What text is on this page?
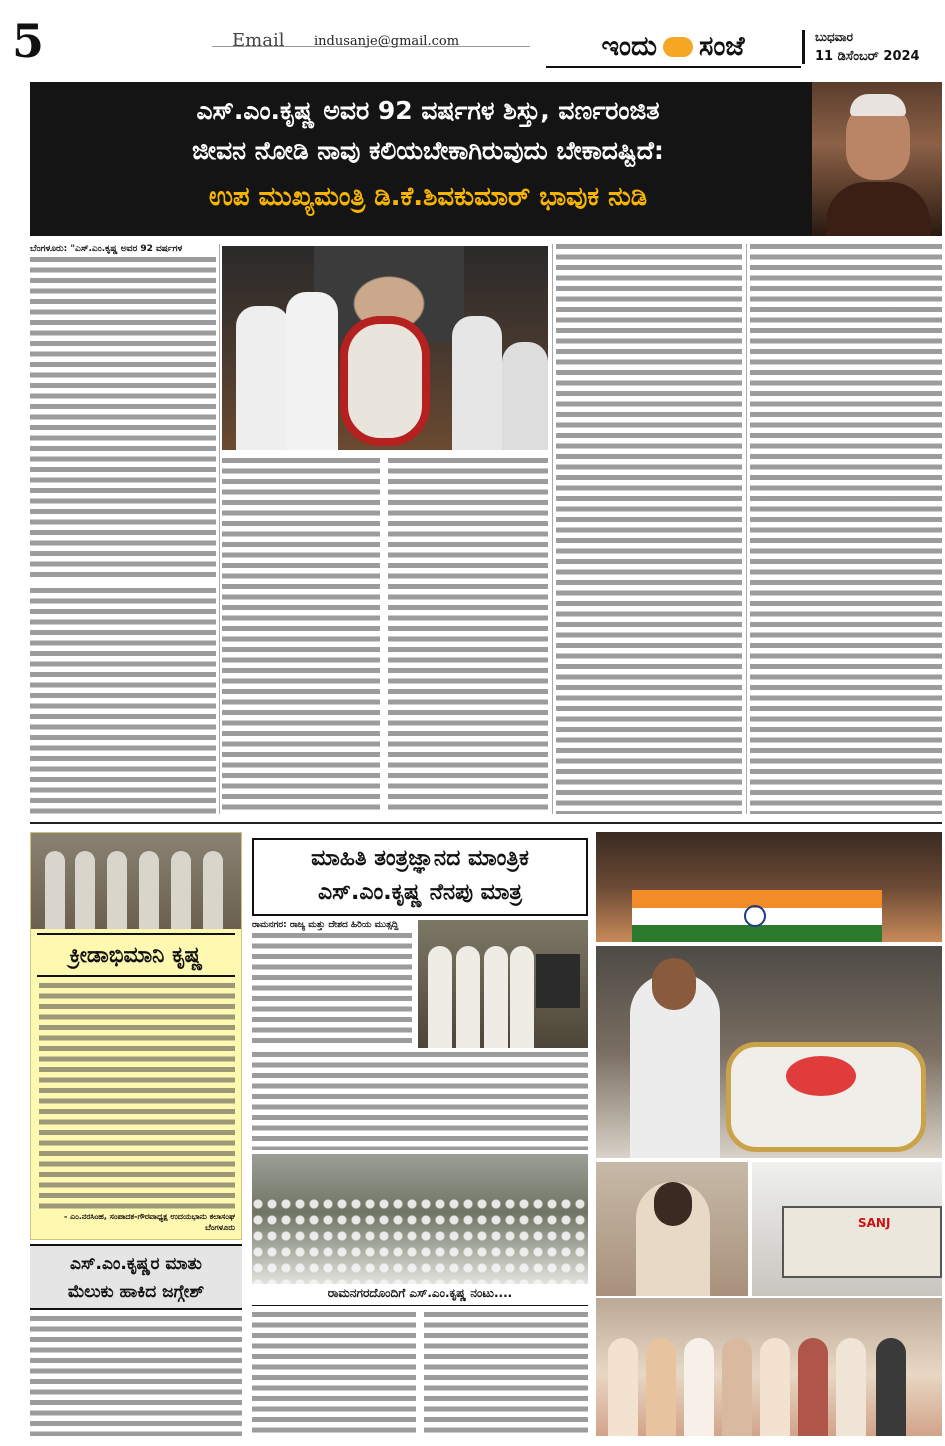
5	Email indusanje@gmail.com	ಇಂದು ಸಂಜೆ	ಬುಧವಾರ
11 ಡಿಸೆಂಬರ್ 2024
ಎಸ್.ಎಂ.ಕೃಷ್ಣ ಅವರ 92 ವರ್ಷಗಳ ಶಿಸ್ತು, ವರ್ಣರಂಜಿತ
ಜೀವನ ನೋಡಿ ನಾವು ಕಲಿಯಬೇಕಾಗಿರುವುದು ಬೇಕಾದಷ್ಟಿದೆ:
ಉಪ ಮುಖ್ಯಮಂತ್ರಿ ಡಿ.ಕೆ.ಶಿವಕುಮಾರ್ ಭಾವುಕ ನುಡಿ
ಬೆಂಗಳೂರು: "ಎಸ್.ಎಂ.ಕೃಷ್ಣ ಅವರ 92 ವರ್ಷಗಳ
ಕ್ರೀಡಾಭಿಮಾನಿ ಕೃಷ್ಣ
- ಎಂ.ನರಸಿಂಹ, ಸಂಪಾದಕ-ಗೌರವಾಧ್ಯಕ್ಷ ಉದಯಭಾನು ಕಲಾಸಂಘ ಬೆಂಗಳೂರು
ಎಸ್.ಎಂ.ಕೃಷ್ಣರ ಮಾತು
ಮೆಲುಕು ಹಾಕಿದ ಜಗ್ಗೇಶ್
ಮಾಹಿತಿ ತಂತ್ರಜ್ಞಾನದ ಮಾಂತ್ರಿಕ
ಎಸ್.ಎಂ.ಕೃಷ್ಣ ನೆನಪು ಮಾತ್ರ
ರಾಮನಗರ: ರಾಜ್ಯ ಮತ್ತು ದೇಶದ ಹಿರಿಯ ಮುತ್ಸದ್ದಿ
ರಾಮನಗರದೊಂದಿಗೆ ಎಸ್.ಎಂ.ಕೃಷ್ಣ ನಂಟು....
SANJ
